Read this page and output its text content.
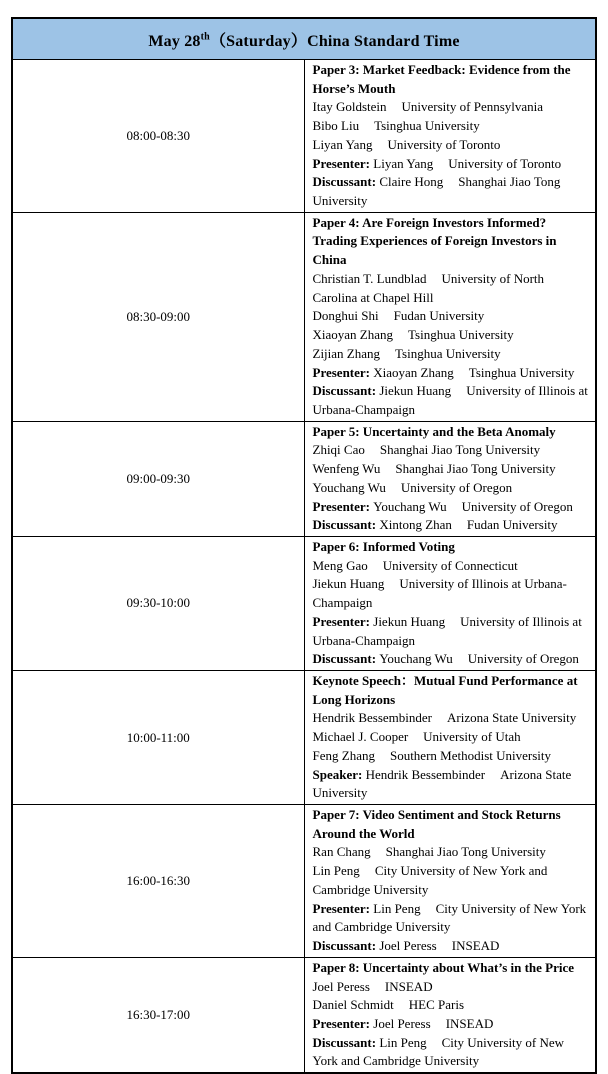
May 28th（Saturday）China Standard Time	
08:00-08:30	
Paper 3: Market Feedback: Evidence from the Horse’s Mouth
Itay Goldstein University of Pennsylvania
Bibo Liu Tsinghua University
Liyan Yang University of Toronto
Presenter: Liyan Yang University of Toronto
Discussant: Claire Hong Shanghai Jiao Tong University

08:30-09:00	
Paper 4: Are Foreign Investors Informed? Trading Experiences of Foreign Investors in China
Christian T. Lundblad University of North Carolina at Chapel Hill
Donghui Shi Fudan University
Xiaoyan Zhang Tsinghua University
Zijian Zhang Tsinghua University
Presenter: Xiaoyan Zhang Tsinghua University
Discussant: Jiekun Huang University of Illinois at Urbana-Champaign

09:00-09:30	
Paper 5: Uncertainty and the Beta Anomaly
Zhiqi Cao Shanghai Jiao Tong University
Wenfeng Wu Shanghai Jiao Tong University
Youchang Wu University of Oregon
Presenter: Youchang Wu University of Oregon
Discussant: Xintong Zhan Fudan University

09:30-10:00	Paper 6: Informed Voting
Meng Gao University of Connecticut
Jiekun Huang University of Illinois at Urbana-Champaign
Presenter: Jiekun Huang University of Illinois at Urbana-Champaign
Discussant: Youchang Wu University of Oregon

10:00-11:00	Keynote Speech：Mutual Fund Performance at Long Horizons
Hendrik Bessembinder Arizona State University
Michael J. Cooper University of Utah
Feng Zhang Southern Methodist University
Speaker: Hendrik Bessembinder Arizona State University

16:00-16:30	Paper 7: Video Sentiment and Stock Returns Around the World
Ran Chang Shanghai Jiao Tong University
Lin Peng City University of New York and Cambridge University
Presenter: Lin Peng City University of New York and Cambridge University
Discussant: Joel Peress INSEAD

16:30-17:00	Paper 8: Uncertainty about What’s in the Price
Joel Peress INSEAD
Daniel Schmidt HEC Paris
Presenter: Joel Peress INSEAD
Discussant: Lin Peng City University of New York and Cambridge University
